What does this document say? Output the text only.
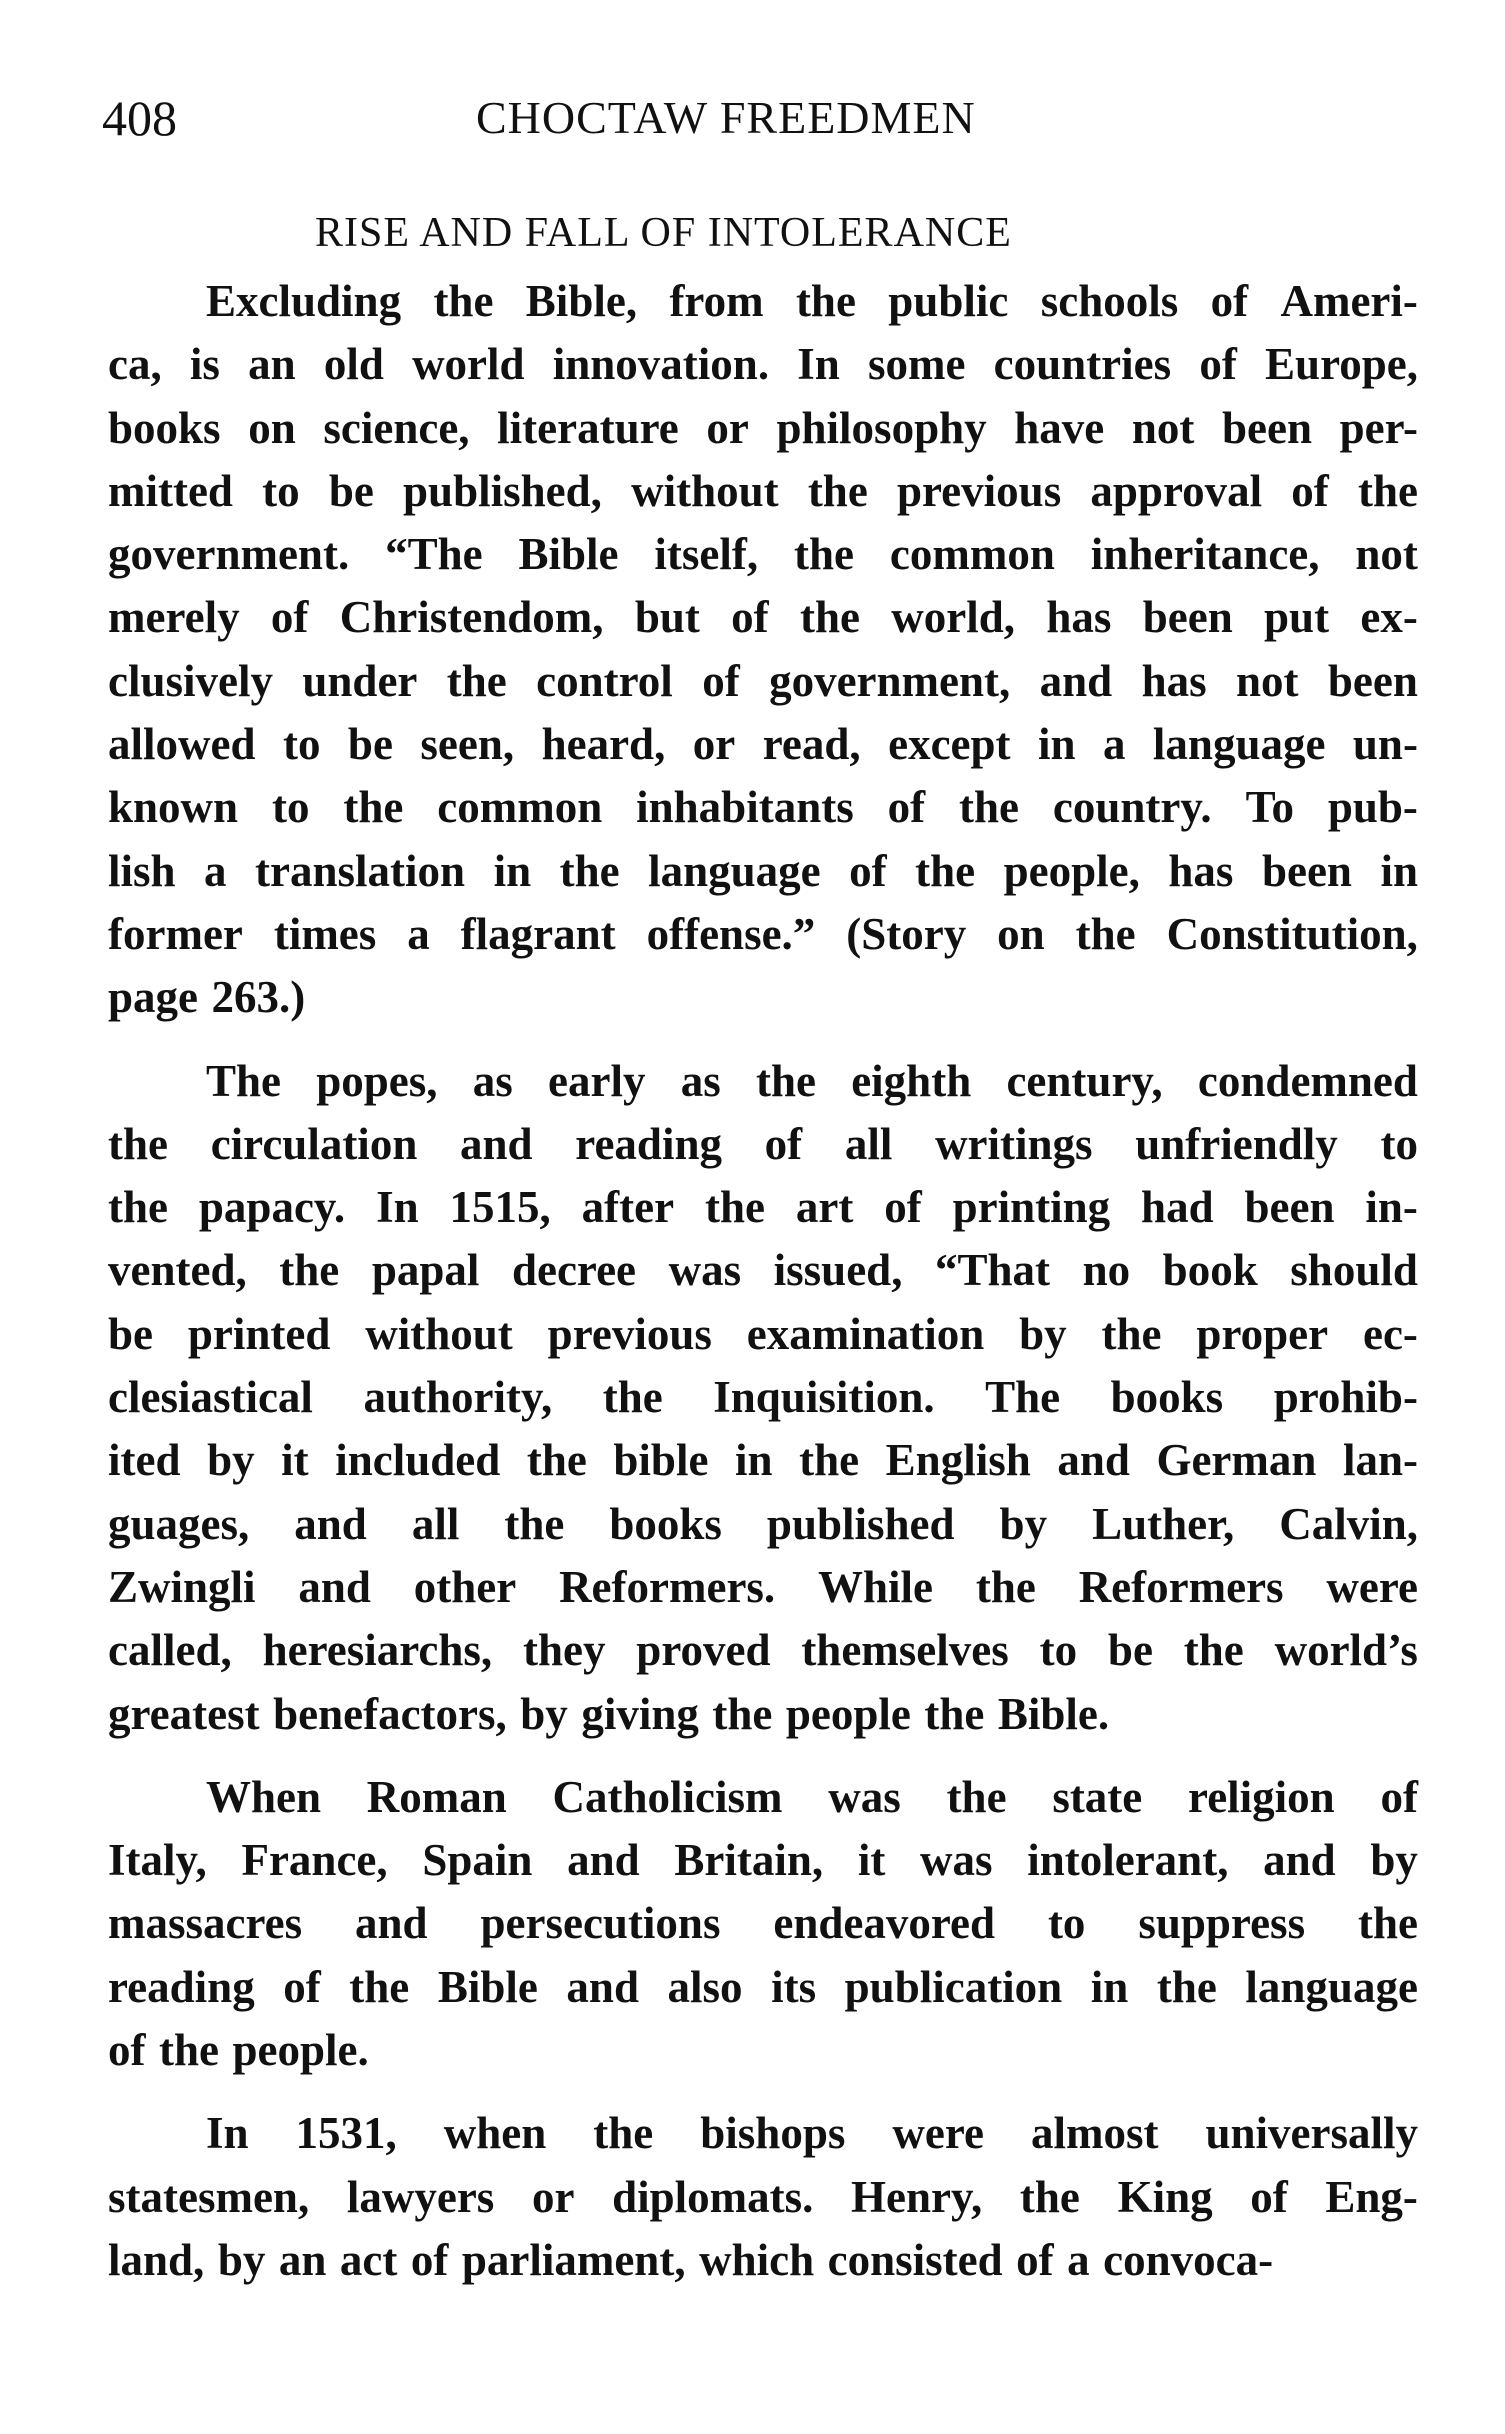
408	CHOCTAW FREEDMEN
RISE AND FALL OF INTOLERANCE
Excluding the Bible, from the public schools of Ameri-
ca, is an old world innovation. In some countries of Europe,
books on science, literature or philosophy have not been per-
mitted to be published, without the previous approval of the
government. “The Bible itself, the common inheritance, not
merely of Christendom, but of the world, has been put ex-
clusively under the control of government, and has not been
allowed to be seen, heard, or read, except in a language un-
known to the common inhabitants of the country. To pub-
lish a translation in the language of the people, has been in
former times a flagrant offense.” (Story on the Constitution,
page 263.)
The popes, as early as the eighth century, condemned
the circulation and reading of all writings unfriendly to
the papacy. In 1515, after the art of printing had been in-
vented, the papal decree was issued, “That no book should
be printed without previous examination by the proper ec-
clesiastical authority, the Inquisition. The books prohib-
ited by it included the bible in the English and German lan-
guages, and all the books published by Luther, Calvin,
Zwingli and other Reformers. While the Reformers were
called, heresiarchs, they proved themselves to be the world’s
greatest benefactors, by giving the people the Bible.
When Roman Catholicism was the state religion of
Italy, France, Spain and Britain, it was intolerant, and by
massacres and persecutions endeavored to suppress the
reading of the Bible and also its publication in the language
of the people.
In 1531, when the bishops were almost universally
statesmen, lawyers or diplomats. Henry, the King of Eng-
land, by an act of parliament, which consisted of a convoca-
